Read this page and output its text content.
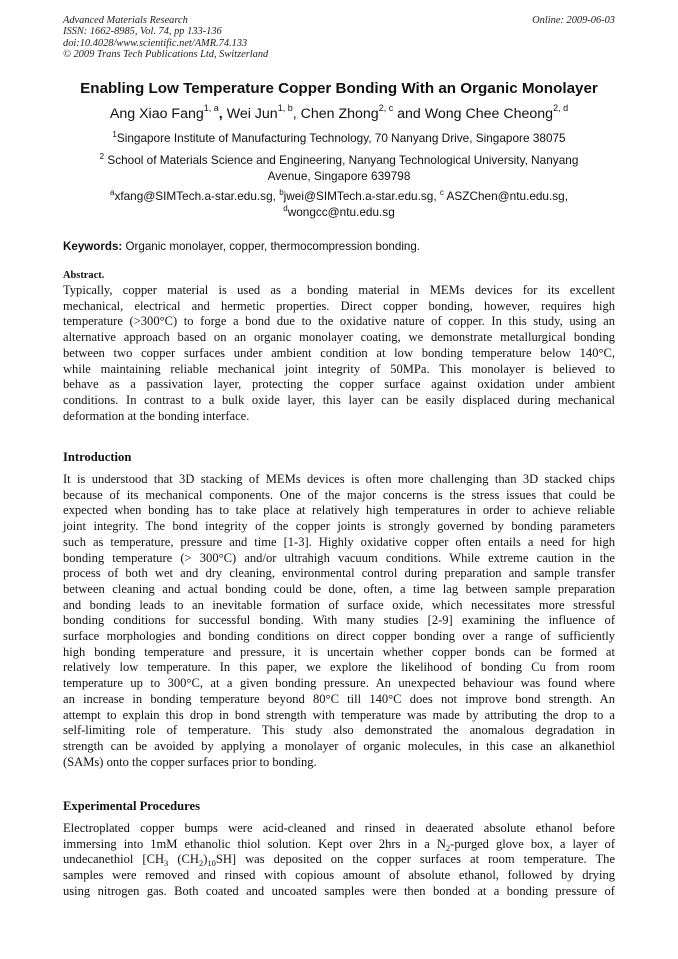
Advanced Materials Research
ISSN: 1662-8985, Vol. 74, pp 133-136
doi:10.4028/www.scientific.net/AMR.74.133
© 2009 Trans Tech Publications Ltd, Switzerland
Online: 2009-06-03
Enabling Low Temperature Copper Bonding With an Organic Monolayer
Ang Xiao Fang$^{1, a}$, Wei Jun$^{1, b}$, Chen Zhong$^{2, c}$ and Wong Chee Cheong$^{2, d}$
$^1$Singapore Institute of Manufacturing Technology, 70 Nanyang Drive, Singapore 38075
$^2$ School of Materials Science and Engineering, Nanyang Technological University, Nanyang
Avenue, Singapore 639798
$^a$xfang@SIMTech.a-star.edu.sg, $^b$jwei@SIMTech.a-star.edu.sg, $^c$ ASZChen@ntu.edu.sg,
$^d$wongcc@ntu.edu.sg
Keywords: Organic monolayer, copper, thermocompression bonding.
Abstract.
Typically, copper material is used as a bonding material in MEMs devices for its excellent
mechanical, electrical and hermetic properties. Direct copper bonding, however, requires high
temperature (>300°C) to forge a bond due to the oxidative nature of copper. In this study, using an
alternative approach based on an organic monolayer coating, we demonstrate metallurgical bonding
between two copper surfaces under ambient condition at low bonding temperature below 140°C,
while maintaining reliable mechanical joint integrity of 50MPa. This monolayer is believed to
behave as a passivation layer, protecting the copper surface against oxidation under ambient
conditions. In contrast to a bulk oxide layer, this layer can be easily displaced during mechanical
deformation at the bonding interface.
Introduction
It is understood that 3D stacking of MEMs devices is often more challenging than 3D stacked chips
because of its mechanical components. One of the major concerns is the stress issues that could be
expected when bonding has to take place at relatively high temperatures in order to achieve reliable
joint integrity. The bond integrity of the copper joints is strongly governed by bonding parameters
such as temperature, pressure and time [1-3]. Highly oxidative copper often entails a need for high
bonding temperature (> 300°C) and/or ultrahigh vacuum conditions. While extreme caution in the
process of both wet and dry cleaning, environmental control during preparation and sample transfer
between cleaning and actual bonding could be done, often, a time lag between sample preparation
and bonding leads to an inevitable formation of surface oxide, which necessitates more stressful
bonding conditions for successful bonding. With many studies [2-9] examining the influence of
surface morphologies and bonding conditions on direct copper bonding over a range of sufficiently
high bonding temperature and pressure, it is uncertain whether copper bonds can be formed at
relatively low temperature. In this paper, we explore the likelihood of bonding Cu from room
temperature up to 300°C, at a given bonding pressure. An unexpected behaviour was found where
an increase in bonding temperature beyond 80°C till 140°C does not improve bond strength. An
attempt to explain this drop in bond strength with temperature was made by attributing the drop to a
self-limiting role of temperature. This study also demonstrated the anomalous degradation in
strength can be avoided by applying a monolayer of organic molecules, in this case an alkanethiol
(SAMs) onto the copper surfaces prior to bonding.
Experimental Procedures
Electroplated copper bumps were acid-cleaned and rinsed in deaerated absolute ethanol before
immersing into 1mM ethanolic thiol solution. Kept over 2hrs in a $N_2$-purged glove box, a layer of
undecanethiol [$CH_3$ $(CH_2)_{10}SH$] was deposited on the copper surfaces at room temperature. The
samples were removed and rinsed with copious amount of absolute ethanol, followed by drying
using nitrogen gas. Both coated and uncoated samples were then bonded at a bonding pressure of
